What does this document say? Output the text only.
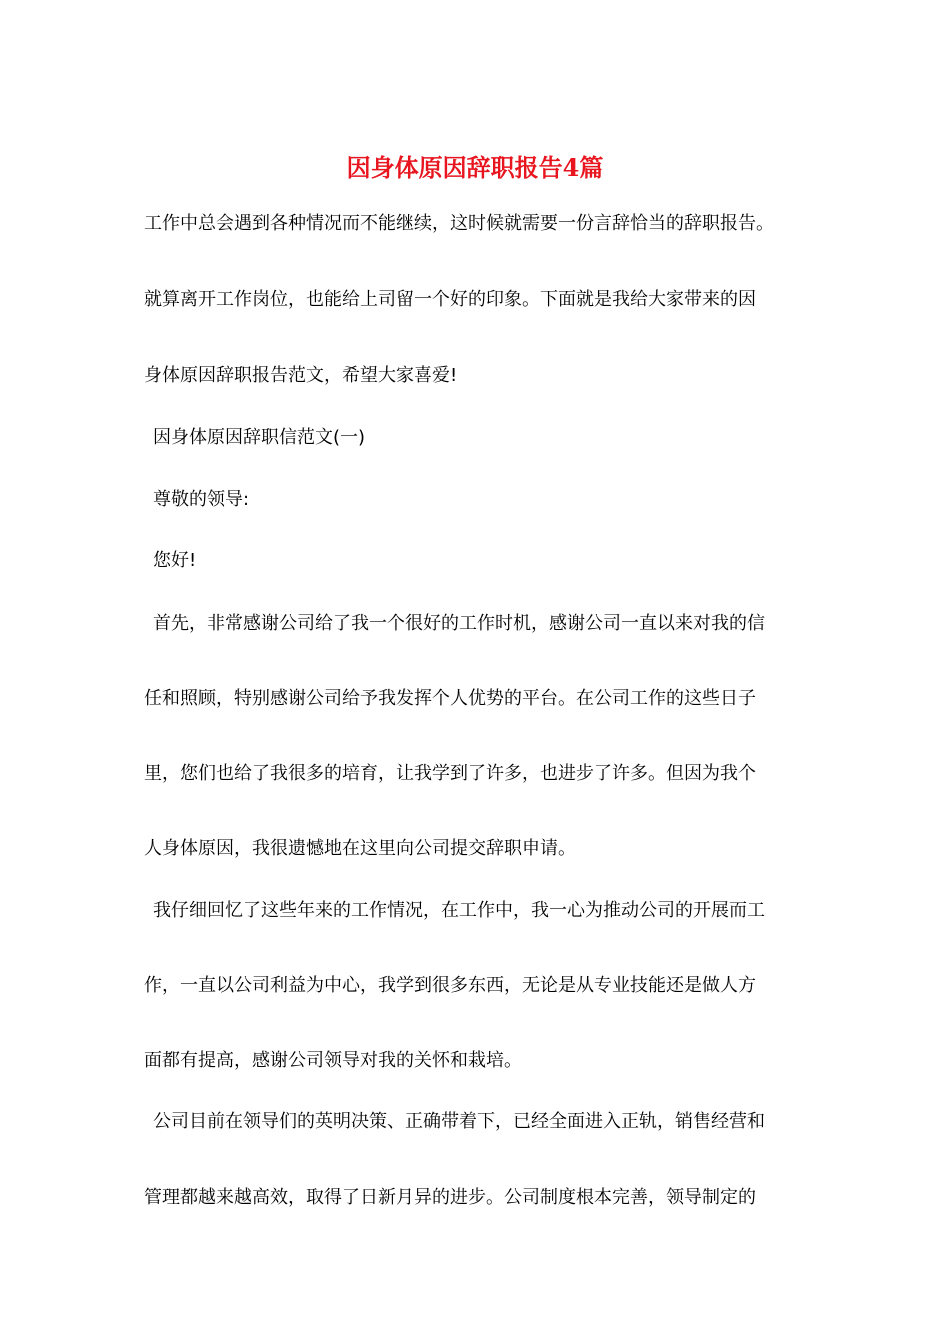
因身体原因辞职报告4篇
工作中总会遇到各种情况而不能继续，这时候就需要一份言辞恰当的辞职报告。
就算离开工作岗位，也能给上司留一个好的印象。下面就是我给大家带来的因
身体原因辞职报告范文，希望大家喜爱!
因身体原因辞职信范文(一)
尊敬的领导:
您好!
首先，非常感谢公司给了我一个很好的工作时机，感谢公司一直以来对我的信
任和照顾，特别感谢公司给予我发挥个人优势的平台。在公司工作的这些日子
里，您们也给了我很多的培育，让我学到了许多，也进步了许多。但因为我个
人身体原因，我很遗憾地在这里向公司提交辞职申请。
我仔细回忆了这些年来的工作情况，在工作中，我一心为推动公司的开展而工
作，一直以公司利益为中心，我学到很多东西，无论是从专业技能还是做人方
面都有提高，感谢公司领导对我的关怀和栽培。
公司目前在领导们的英明决策、正确带着下，已经全面进入正轨，销售经营和
管理都越来越高效，取得了日新月异的进步。公司制度根本完善，领导制定的
